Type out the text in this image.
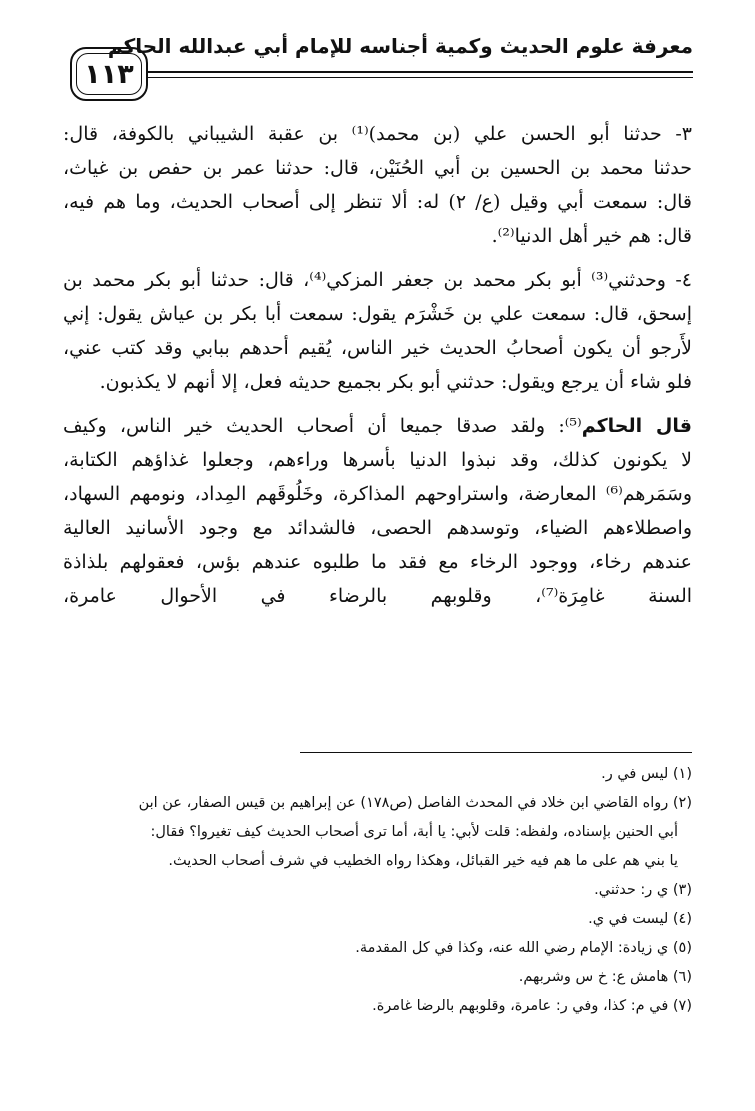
١١٣
معرفة علوم الحديث وكمية أجناسه للإمام أبي عبدالله الحاكم

٣- حدثنا أبو الحسن علي (بن محمد)⁽¹⁾ بن عقبة الشيباني بالكوفة، قال:
حدثنا محمد بن الحسين بن أبي الحُنَيْن، قال: حدثنا عمر بن حفص بن غياث،
قال: سمعت أبي وقيل (ع/ ٢) له: ألا تنظر إلى أصحاب الحديث، وما هم فيه،
قال: هم خير أهل الدنيا⁽²⁾.

٤- وحدثني⁽³⁾ أبو بكر محمد بن جعفر المزكي⁽⁴⁾، قال: حدثنا أبو بكر محمد بن
إسحق، قال: سمعت علي بن خَشْرَم يقول: سمعت أبا بكر بن عياش يقول: إني
لأَرجو أن يكون أصحابُ الحديث خير الناس، يُقيم أحدهم ببابي وقد كتب عني،
فلو شاء أن يرجع ويقول: حدثني أبو بكر بجميع حديثه فعل، إلا أنهم لا يكذبون.

قال الحاكم⁽⁵⁾: ولقد صدقا جميعا أن أصحاب الحديث خير الناس، وكيف
لا يكونون كذلك، وقد نبذوا الدنيا بأسرها وراءهم، وجعلوا غذاؤهم الكتابة،
وسَمَرهم⁽⁶⁾ المعارضة، واستراوحهم المذاكرة، وخَلُوقَهم المِداد، ونومهم السهاد،
واصطلاءهم الضياء، وتوسدهم الحصى، فالشدائد مع وجود الأسانيد العالية
عندهم رخاء، ووجود الرخاء مع فقد ما طلبوه عندهم بؤس، فعقولهم بلذاذة
السنة غامِرَة⁽⁷⁾، وقلوبهم بالرضاء في الأحوال عامرة،

(١) ليس في ر.
(٢) رواه القاضي ابن خلاد في المحدث الفاصل (ص١٧٨) عن إبراهيم بن قيس الصفار، عن ابن
أبي الحنين بإسناده، ولفظه: قلت لأبي: يا أبة، أما ترى أصحاب الحديث كيف تغيروا؟ فقال:
يا بني هم على ما هم فيه خير القبائل، وهكذا رواه الخطيب في شرف أصحاب الحديث.
(٣) ي ر: حدثني.
(٤) ليست في ي.
(٥) ي زيادة: الإمام رضي الله عنه، وكذا في كل المقدمة.
(٦) هامش ع: خ س وشربهم.
(٧) في م: كذا، وفي ر: عامرة، وقلوبهم بالرضا غامرة.
